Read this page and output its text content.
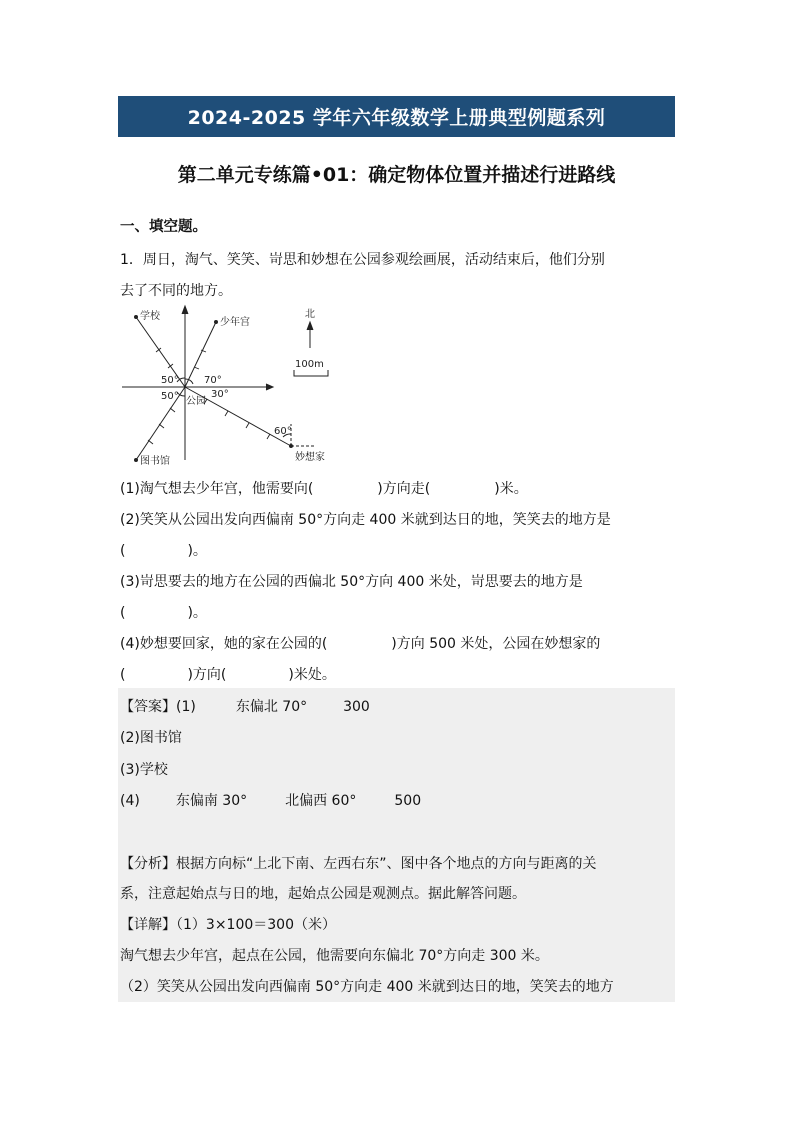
2024-2025 学年六年级数学上册典型例题系列
第二单元专练篇•01：确定物体位置并描述行进路线
一、填空题。
1．周日，淘气、笑笑、岢思和妙想在公园参观绘画展，活动结束后，他们分别
去了不同的地方。
学校
少年宫
图书馆
公园
妙想家
北
100m
50°
50°
70°
30°
60°
(1)淘气想去少年宫，他需要向(	)方向走(	)米。
(2)笑笑从公园出发向西偏南 50°方向走 400 米就到达日的地，笑笑去的地方是
(	)。
(3)岢思要去的地方在公园的西偏北 50°方向 400 米处，岢思要去的地方是
(	)。
(4)妙想要回家，她的家在公园的(	)方向 500 米处，公园在妙想家的
(	)方向(	)米处。
【答案】(1)	东偏北 70°	300
(2)图书馆
(3)学校
(4)	东偏南 30°	北偏西 60°	500
【分析】根据方向标“上北下南、左西右东”、图中各个地点的方向与距离的关
系，注意起始点与日的地，起始点公园是观测点。据此解答问题。
【详解】（1）3×100＝300（米）
淘气想去少年宫，起点在公园，他需要向东偏北 70°方向走 300 米。
（2）笑笑从公园出发向西偏南 50°方向走 400 米就到达日的地，笑笑去的地方
